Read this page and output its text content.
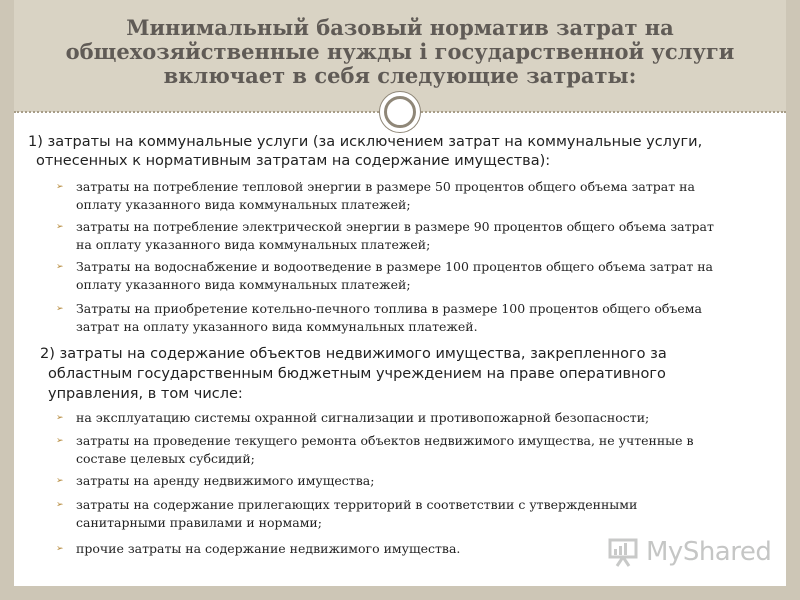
Минимальный базовый норматив затрат на
общехозяйственные нужды і государственной услуги
включает в себя следующие затраты:
1) затраты на коммунальные услуги (за исключением затрат на коммунальные услуги,
отнесенных к нормативным затратам на содержание имущества):
➢ затраты на потребление тепловой энергии в размере 50 процентов общего объема затрат на
оплату указанного вида коммунальных платежей;
➢ затраты на потребление электрической энергии в размере 90 процентов общего объема затрат
на оплату указанного вида коммунальных платежей;
➢ Затраты на водоснабжение и водоотведение в размере 100 процентов общего объема затрат на
оплату указанного вида коммунальных платежей;
➢ Затраты на приобретение котельно-печного топлива в размере 100 процентов общего объема
затрат на оплату указанного вида коммунальных платежей.
2) затраты на содержание объектов недвижимого имущества, закрепленного за
областным государственным бюджетным учреждением на праве оперативного
управления, в том числе:
➢ на эксплуатацию системы охранной сигнализации и противопожарной безопасности;
➢ затраты на проведение текущего ремонта объектов недвижимого имущества, не учтенные в
составе целевых субсидий;
➢ затраты на аренду недвижимого имущества;
➢ затраты на содержание прилегающих территорий в соответствии с утвержденными
санитарными правилами и нормами;
➢ прочие затраты на содержание недвижимого имущества.	MyShared
